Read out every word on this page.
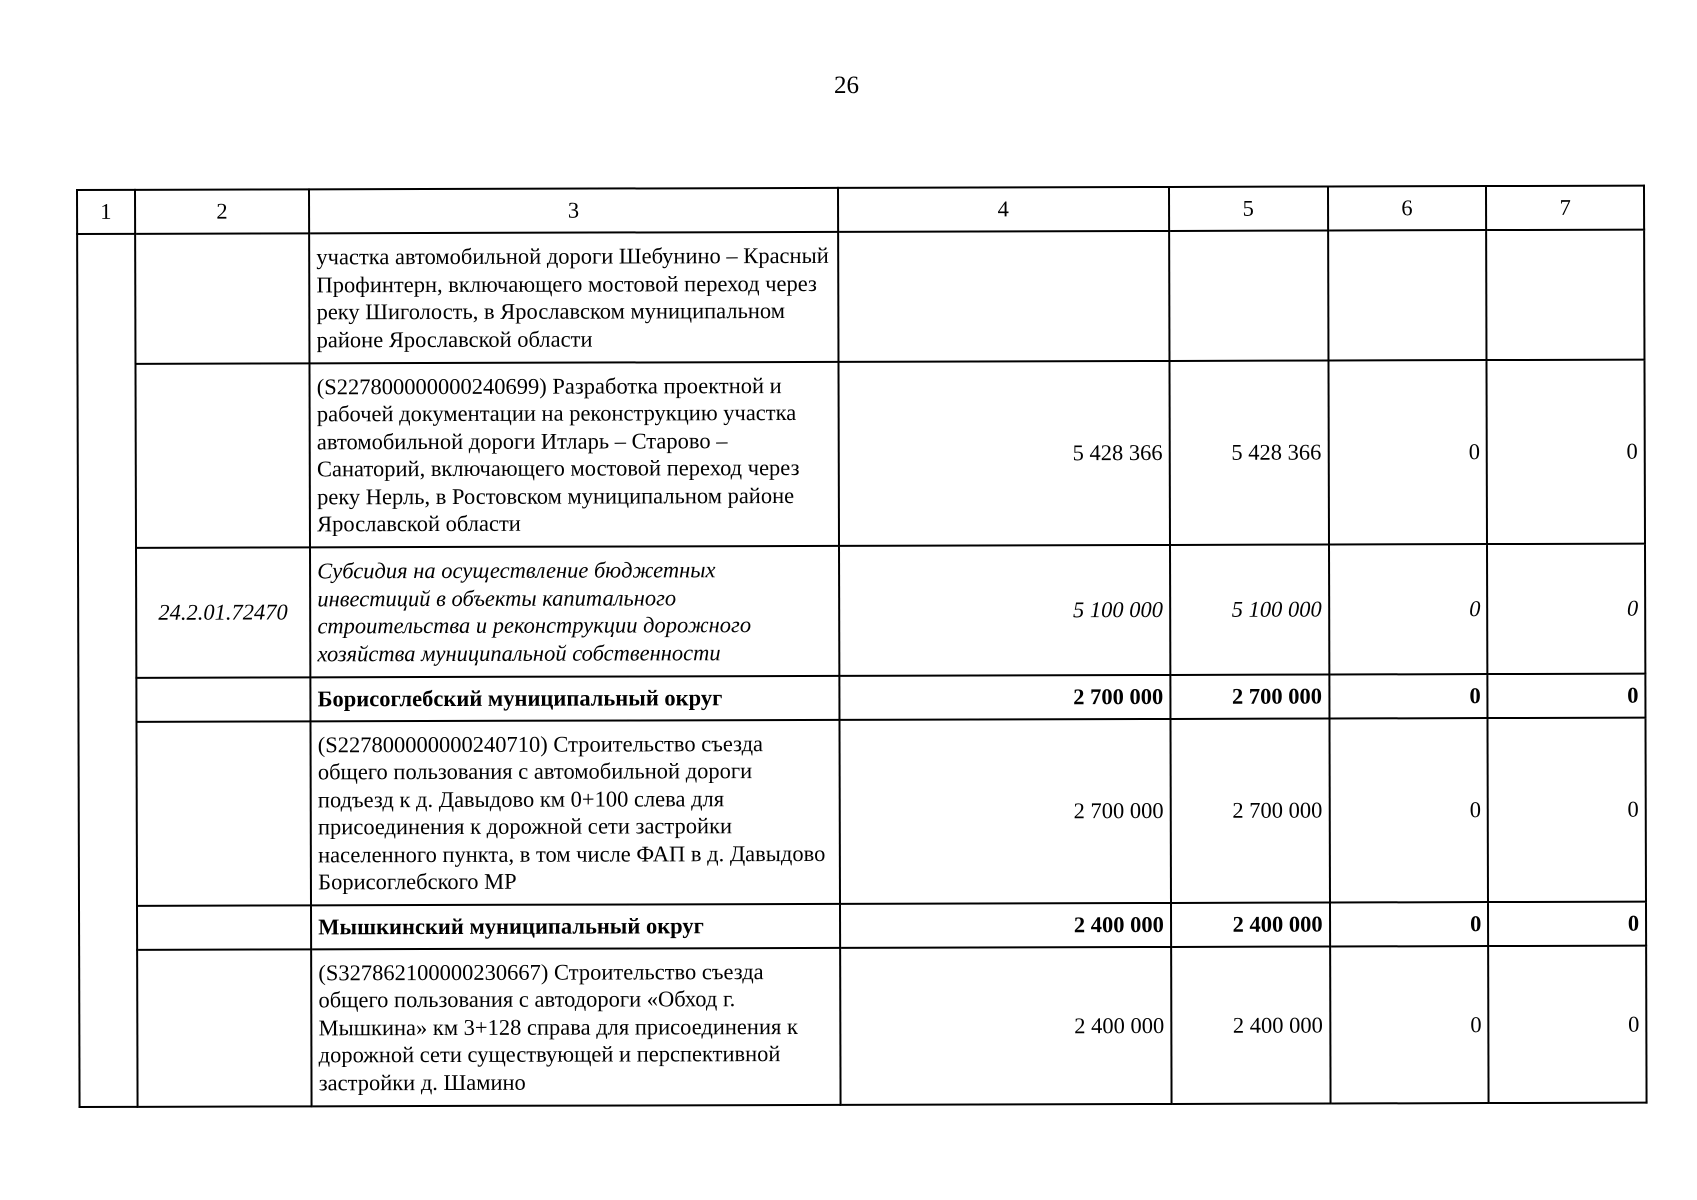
26
1	2	3	4	5	6	7
		участка автомобильной дороги Шебунино – Красный Профинтерн, включающего мостовой переход через реку Шиголость, в Ярославском муниципальном районе Ярославской области				
		(S227800000000240699) Разработка проектной и рабочей документации на реконструкцию участка автомобильной дороги Итларь – Старово – Санаторий, включающего мостовой переход через реку Нерль, в Ростовском муниципальном районе Ярославской области	5 428 366	5 428 366	0	0
	24.2.01.72470	Субсидия на осуществление бюджетных инвестиций в объекты капитального строительства и реконструкции дорожного хозяйства муниципальной собственности	5 100 000	5 100 000	0	0
		Борисоглебский муниципальный округ	2 700 000	2 700 000	0	0
		(S227800000000240710) Строительство съезда общего пользования с автомобильной дороги подъезд к д. Давыдово км 0+100 слева для присоединения к дорожной сети застройки населенного пункта, в том числе ФАП в д. Давыдово Борисоглебского МР	2 700 000	2 700 000	0	0
		Мышкинский муниципальный округ	2 400 000	2 400 000	0	0
		(S327862100000230667) Строительство съезда общего пользования с автодороги «Обход г. Мышкина» км 3+128 справа для присоединения к дорожной сети существующей и перспективной застройки д. Шамино	2 400 000	2 400 000	0	0
